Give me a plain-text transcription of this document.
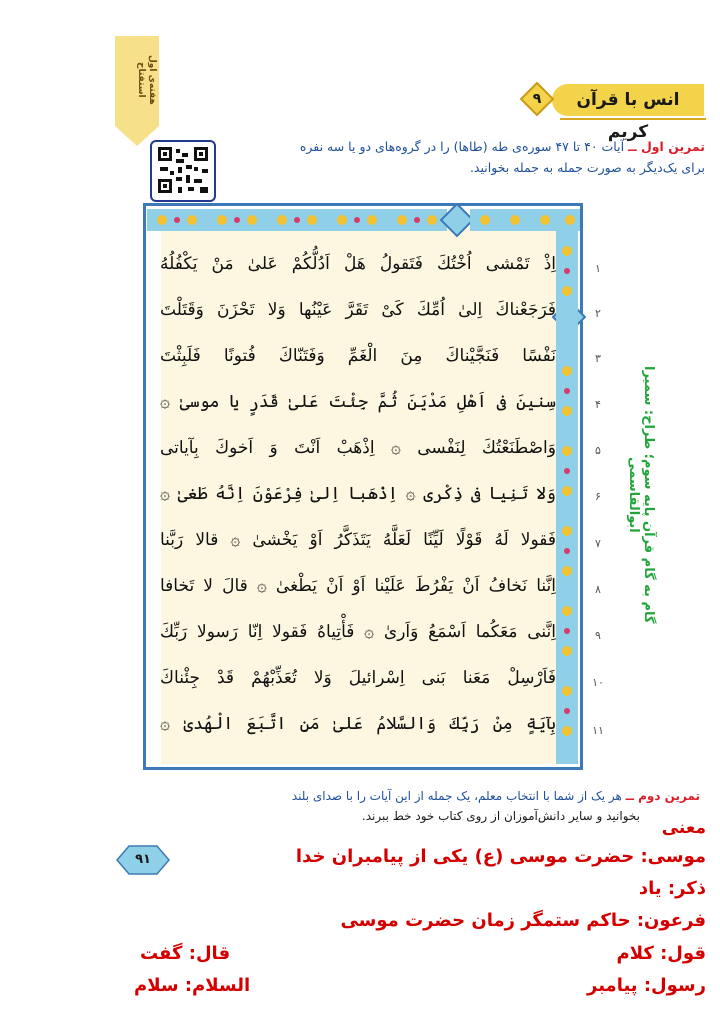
هفته‌ی اول استفتاح
انس با قرآن کریم
۹
تمرین اول ــ آیات ۴۰ تا ۴۷ سوره‌ی طه (طاها) را در گروه‌های دو یا سه نفره برای یک‌دیگر به صورت جمله به جمله بخوانید.
اِذْ تَمْشی اُخْتُكَ فَتَقولُ هَلْ اَدُلُّكُمْ عَلیٰ مَنْ يَكْفُلُهُ
فَرَجَعْناكَ اِلیٰ اُمِّكَ كَیْ تَقَرَّ عَیْنُها وَلا تَحْزَنَ وَقَتَلْتَ
نَفْسًا فَنَجَّیْناكَ مِنَ الْغَمِّ وَفَتَنّاكَ فُتونًا فَلَبِثْتَ
سِنینَ فی اَهْلِ مَدْیَنَ ثُمَّ جِئْتَ عَلیٰ قَدَرٍ یا موسیٰ ۞
وَاصْطَنَعْتُكَ لِنَفْسی ۞ اِذْهَبْ اَنْتَ وَ اَخوكَ بِآیاتی
وَلا تَنِیا فی ذِكْری ۞ اِذْهَبا اِلیٰ فِرْعَوْنَ اِنَّهُ طَغیٰ ۞
فَقولا لَهُ قَوْلًا لَیِّنًا لَعَلَّهُ يَتَذَكَّرُ اَوْ يَخْشیٰ ۞ قالا رَبَّنا
اِنَّنا نَخافُ اَنْ يَفْرُطَ عَلَیْنا اَوْ اَنْ يَطْغیٰ ۞ قالَ لا تَخافا
اِنَّنی مَعَكُما اَسْمَعُ وَاَریٰ ۞ فَأْتِیاهُ فَقولا اِنّا رَسولا رَبِّكَ
فَاَرْسِلْ مَعَنا بَنی اِسْرائیلَ وَلا تُعَذِّبْهُمْ قَدْ جِئْناكَ
بِآیَةٍ مِنْ رَبِّكَ وَالسَّلامُ عَلیٰ مَنِ اتَّبَعَ الْهُدیٰ ۞
۱
۲
۳
۴
۵
۶
۷
۸
۹
۱۰
۱۱
گام به گام قرآن پایه سوم؛ طراح: سمیرا ابوالقاسمی
تمرین دوم ــ هر یک از شما با انتخاب معلم، یک جمله از این آیات را با صدای بلند
بخوانید و سایر دانش‌آموزان از روی کتاب خود خط ببرند.
۹۱
معنی
موسی: حضرت موسی (ع) یکی از پیامبران خدا
ذکر: یاد
فرعون: حاکم ستمگر زمان حضرت موسی
قول: کلام
رسول: پیامبر
قال: گفت
السلام: سلام
